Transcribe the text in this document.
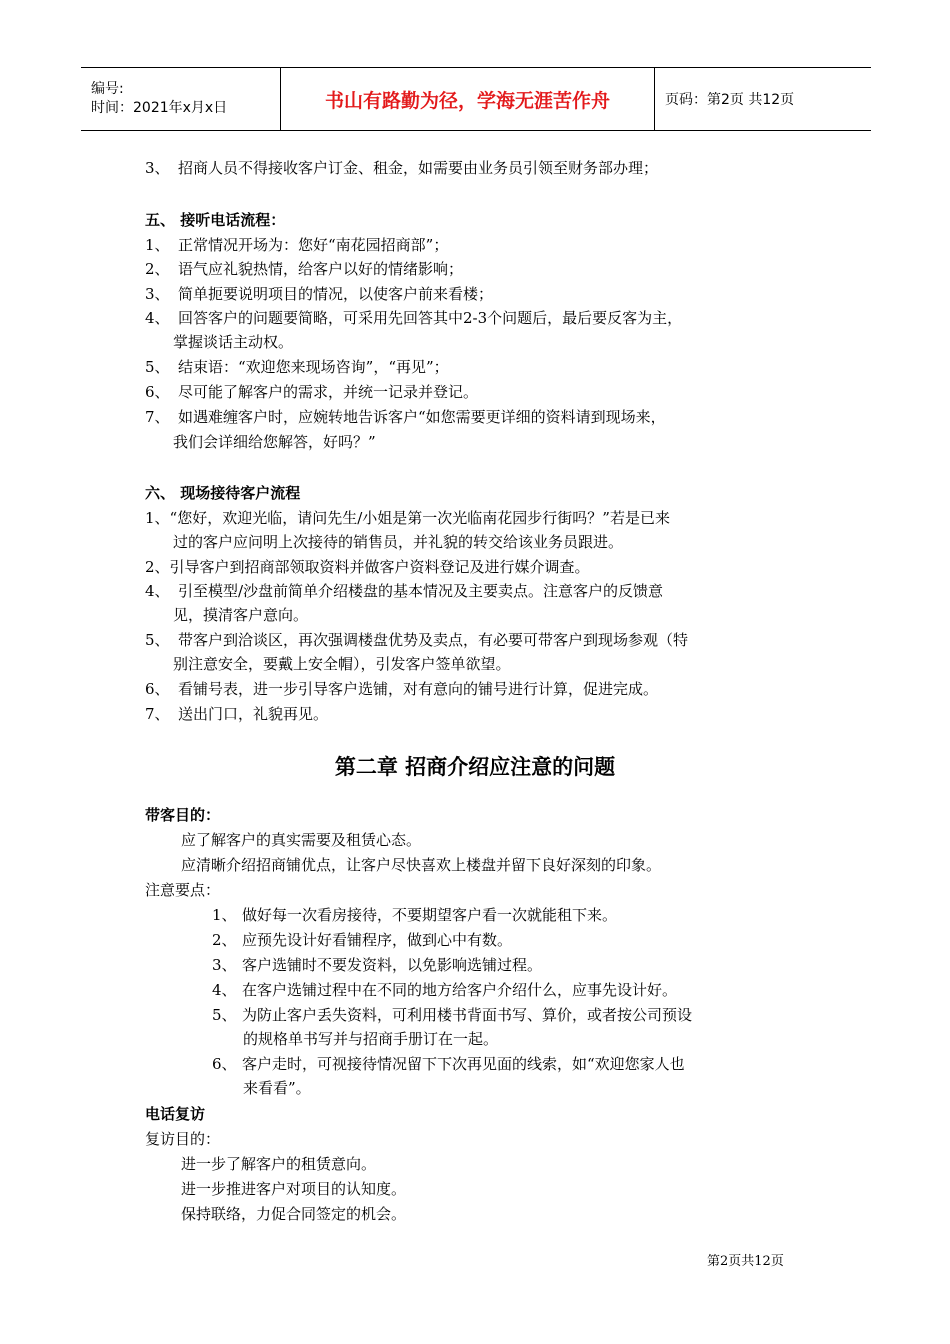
编号:
时间：2021年x月x日	书山有路勤为径，学海无涯苦作舟	页码：第2页 共12页
3、 招商人员不得接收客户订金、租金，如需要由业务员引领至财务部办理；
五、 接听电话流程：
1、 正常情况开场为：您好“南花园招商部”；
2、 语气应礼貌热情，给客户以好的情绪影响；
3、 简单扼要说明项目的情况，以使客户前来看楼；
4、 回答客户的问题要简略，可采用先回答其中2-3个问题后，最后要反客为主，
掌握谈话主动权。
5、 结束语：“欢迎您来现场咨询”，“再见”；
6、 尽可能了解客户的需求，并统一记录并登记。
7、 如遇难缠客户时，应婉转地告诉客户“如您需要更详细的资料请到现场来，
我们会详细给您解答，好吗？”
六、 现场接待客户流程
1、“您好，欢迎光临，请问先生/小姐是第一次光临南花园步行街吗？”若是已来
过的客户应问明上次接待的销售员，并礼貌的转交给该业务员跟进。
2、引导客户到招商部领取资料并做客户资料登记及进行媒介调查。
4、 引至模型/沙盘前简单介绍楼盘的基本情况及主要卖点。注意客户的反馈意
见，摸清客户意向。
5、 带客户到洽谈区，再次强调楼盘优势及卖点，有必要可带客户到现场参观（特
别注意安全，要戴上安全帽），引发客户签单欲望。
6、 看铺号表，进一步引导客户选铺，对有意向的铺号进行计算，促进完成。
7、 送出门口，礼貌再见。
第二章 招商介绍应注意的问题
带客目的：
应了解客户的真实需要及租赁心态。
应清晰介绍招商铺优点，让客户尽快喜欢上楼盘并留下良好深刻的印象。
注意要点：
1、 做好每一次看房接待，不要期望客户看一次就能租下来。
2、 应预先设计好看铺程序，做到心中有数。
3、 客户选铺时不要发资料，以免影响选铺过程。
4、 在客户选铺过程中在不同的地方给客户介绍什么，应事先设计好。
5、 为防止客户丢失资料，可利用楼书背面书写、算价，或者按公司预设
的规格单书写并与招商手册订在一起。
6、 客户走时，可视接待情况留下下次再见面的线索，如“欢迎您家人也
来看看”。
电话复访
复访目的：
进一步了解客户的租赁意向。
进一步推进客户对项目的认知度。
保持联络，力促合同签定的机会。
第2页共12页
